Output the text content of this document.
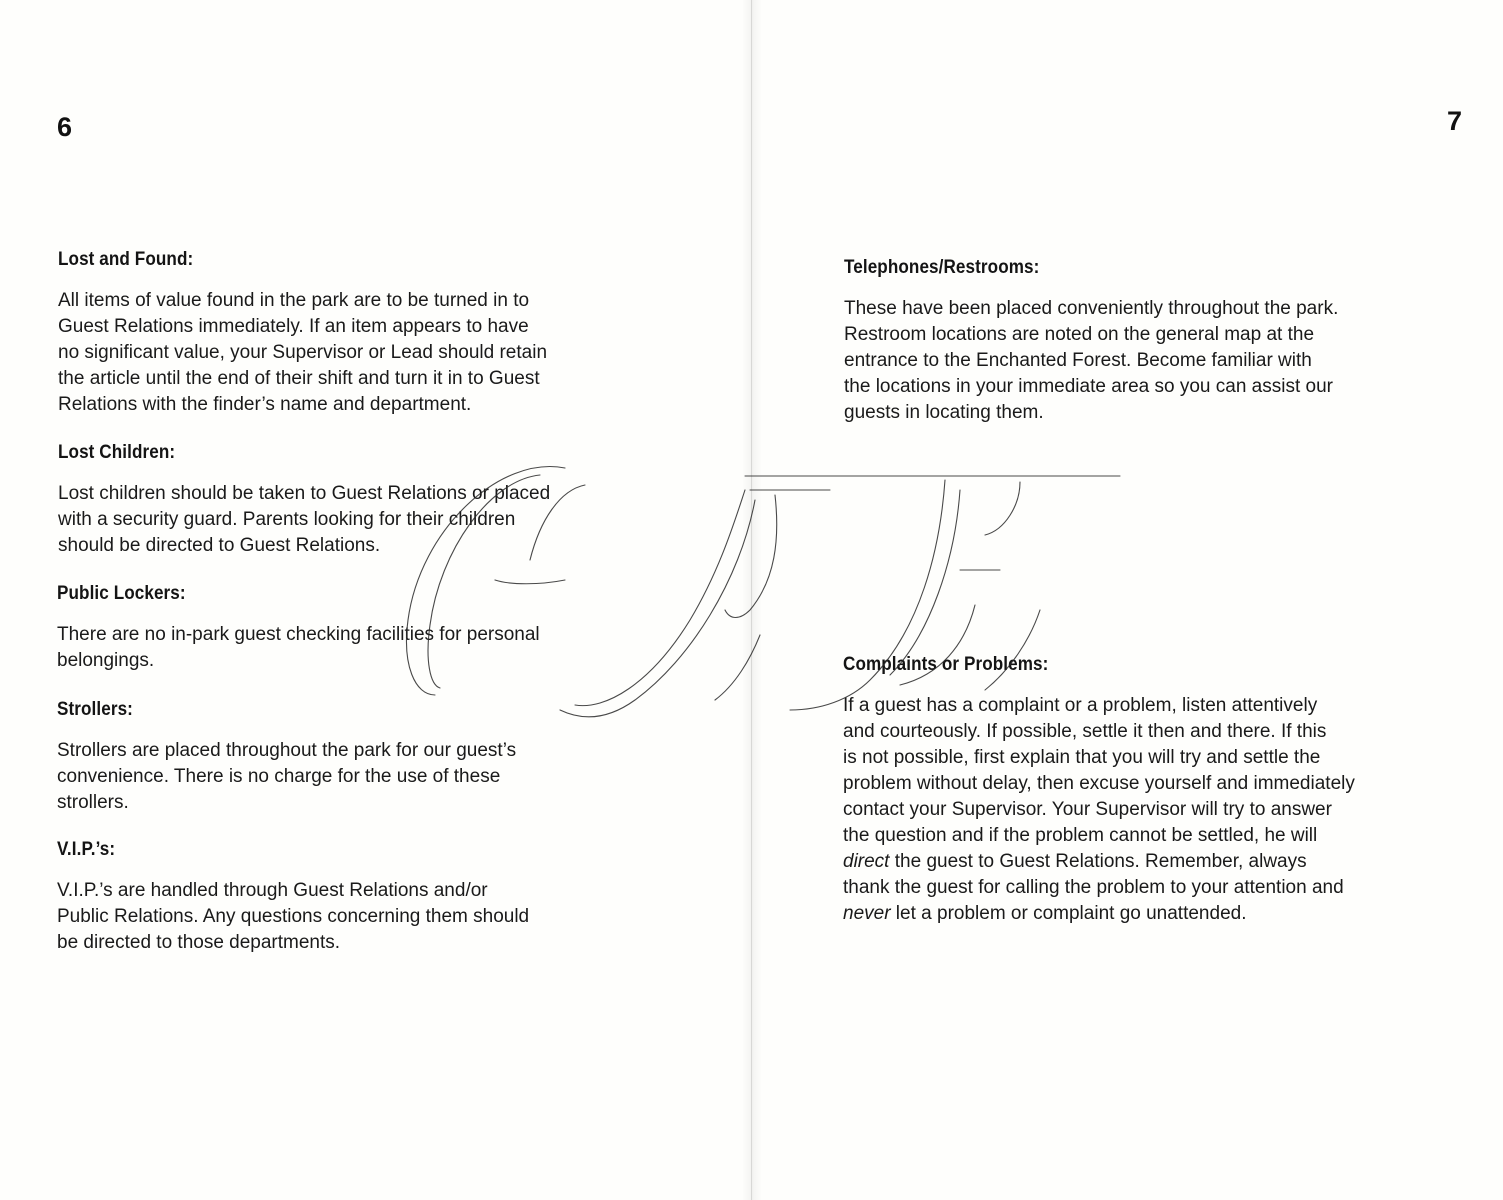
6
Lost and Found:

All items of value found in the park are to be turned in to
Guest Relations immediately. If an item appears to have
no significant value, your Supervisor or Lead should retain
the article until the end of their shift and turn it in to Guest
Relations with the finder’s name and department.

Lost Children:

Lost children should be taken to Guest Relations or placed
with a security guard. Parents looking for their children
should be directed to Guest Relations.

Public Lockers:

There are no in-park guest checking facilities for personal
belongings.

Strollers:

Strollers are placed throughout the park for our guest’s
convenience. There is no charge for the use of these
strollers.

V.I.P.’s:

V.I.P.’s are handled through Guest Relations and/or
Public Relations. Any questions concerning them should
be directed to those departments.

7
Telephones/Restrooms:

These have been placed conveniently throughout the park.
Restroom locations are noted on the general map at the
entrance to the Enchanted Forest. Become familiar with
the locations in your immediate area so you can assist our
guests in locating them.

Complaints or Problems:

If a guest has a complaint or a problem, listen attentively
and courteously. If possible, settle it then and there. If this
is not possible, first explain that you will try and settle the
problem without delay, then excuse yourself and immediately
contact your Supervisor. Your Supervisor will try to answer
the question and if the problem cannot be settled, he will
direct the guest to Guest Relations. Remember, always
thank the guest for calling the problem to your attention and
never let a problem or complaint go unattended.
